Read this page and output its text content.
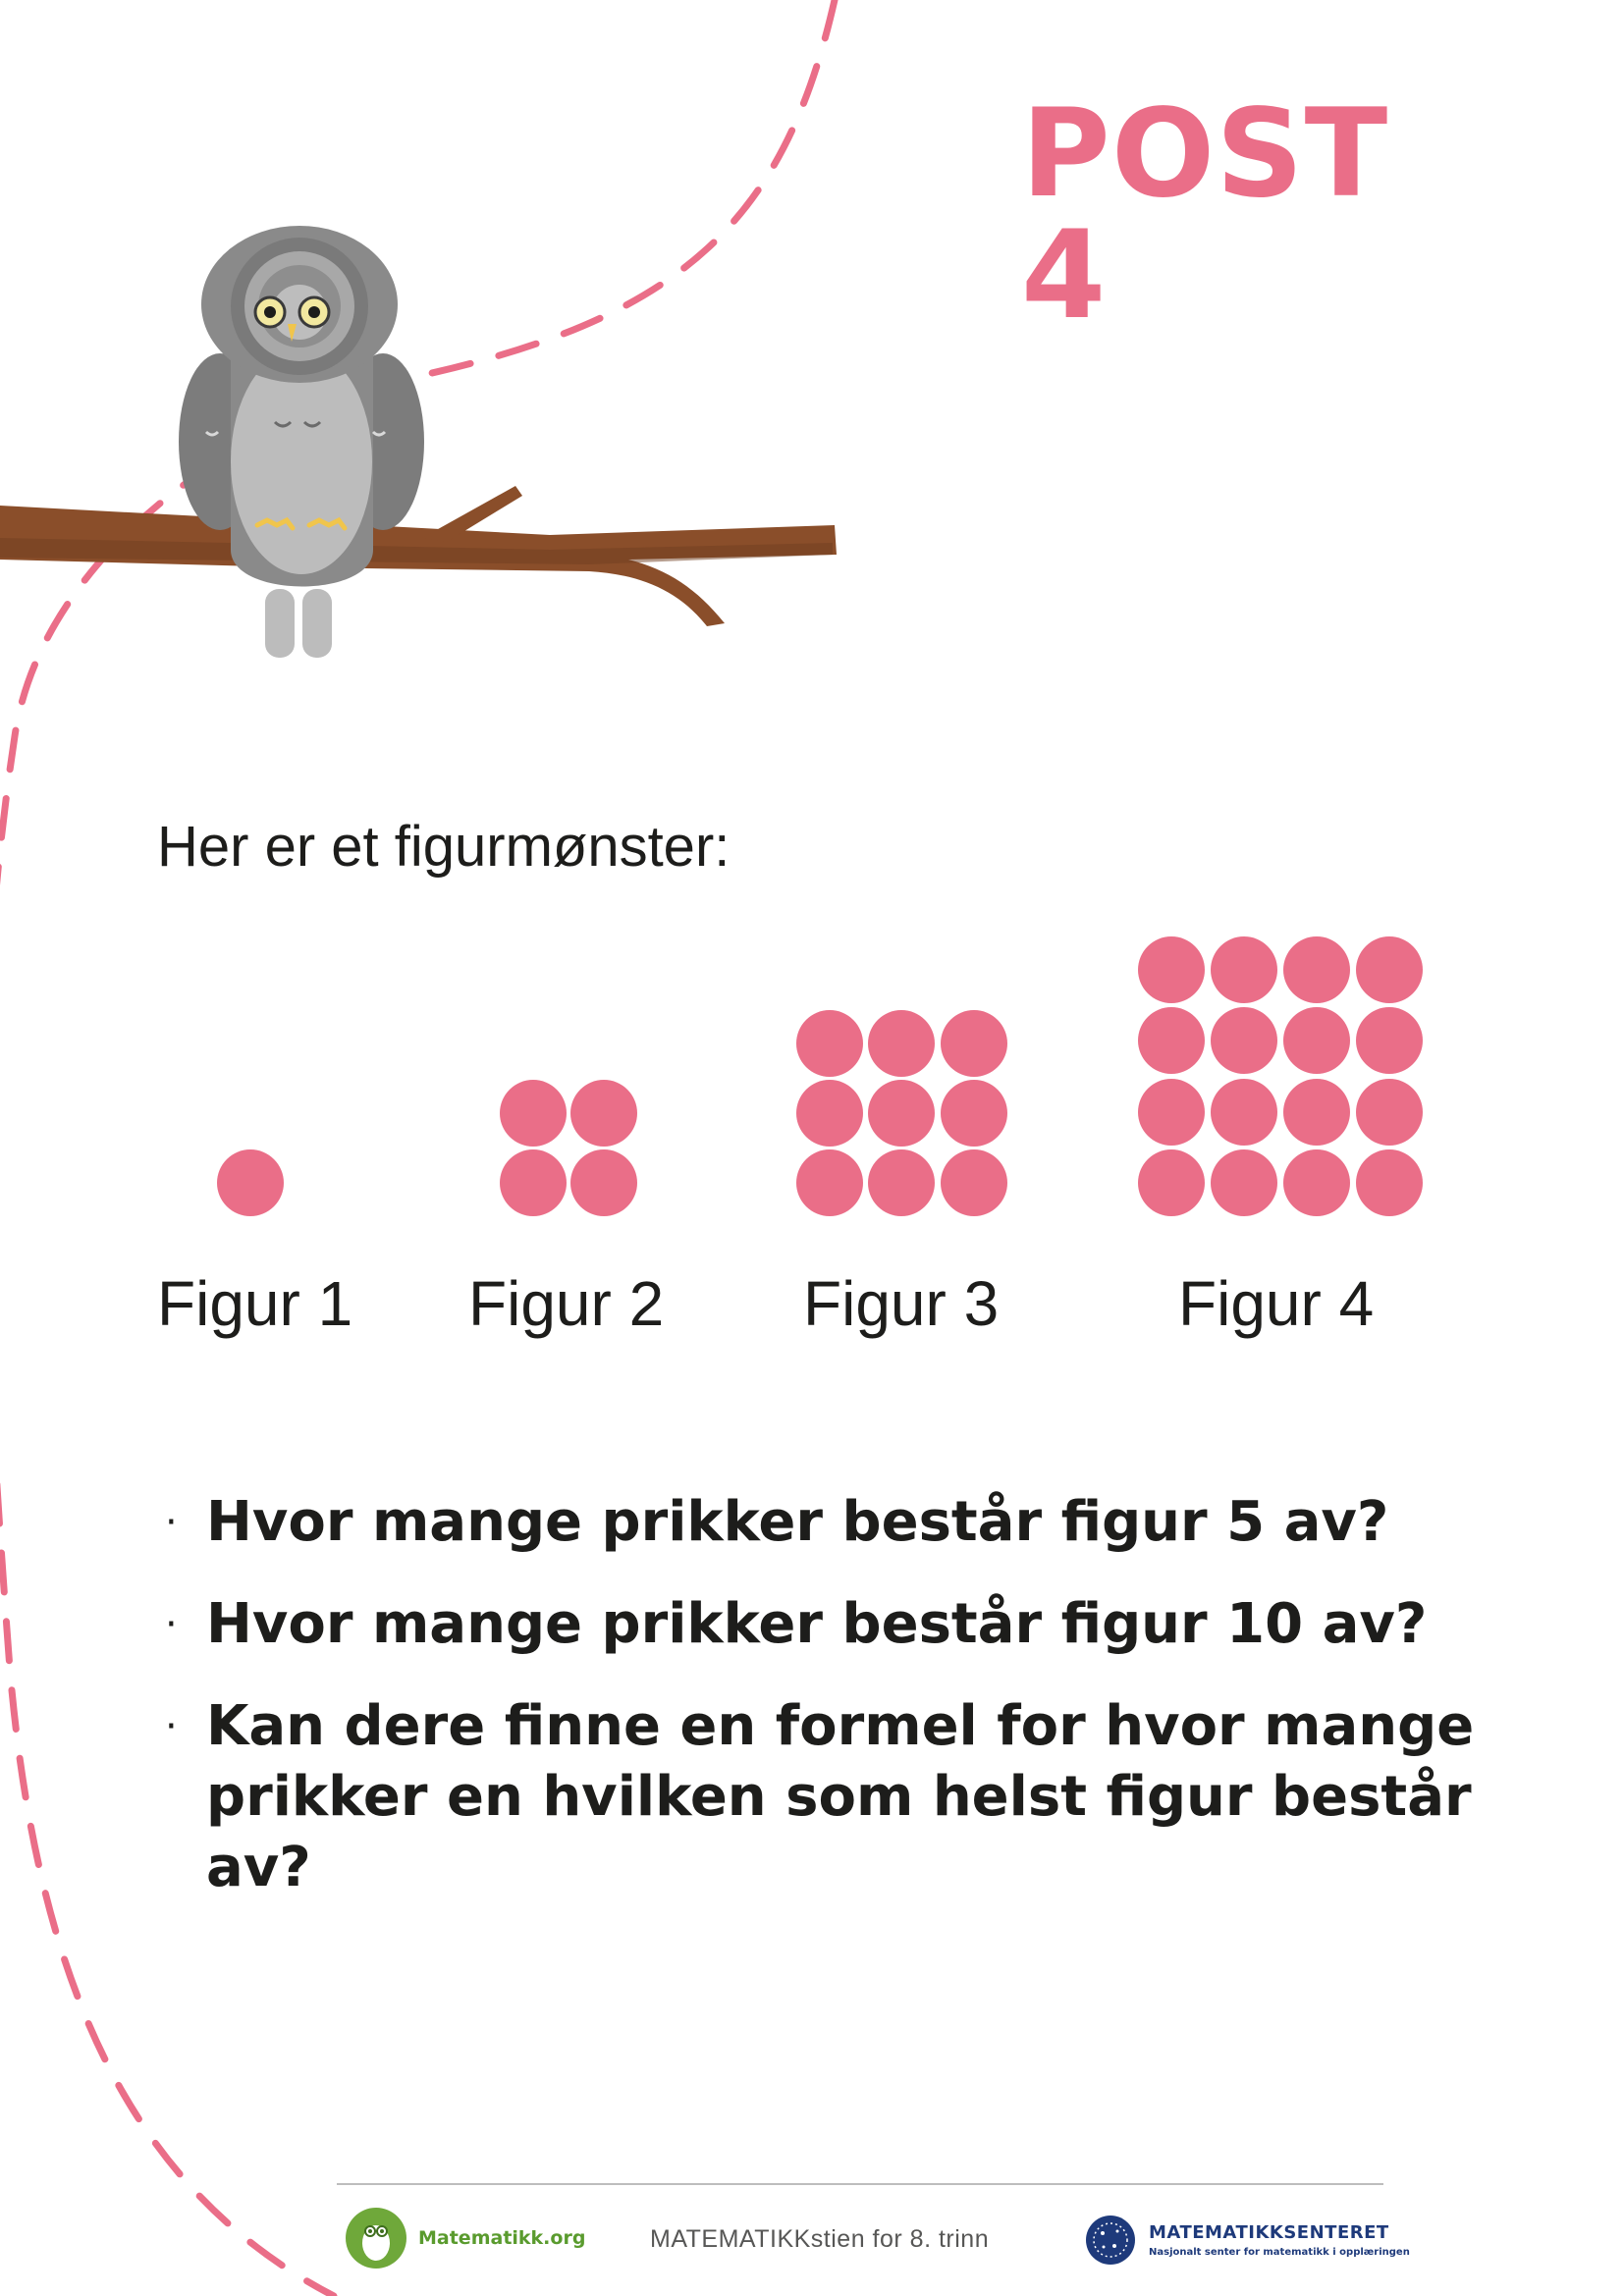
POST 4
Her er et figurmønster:
Figur 1 Figur 2 Figur 3	Figur 4
· Hvor mange prikker består figur 5 av?
· Hvor mange prikker består figur 10 av?
· Kan dere finne en formel for hvor mange
prikker en hvilken som helst figur består av?
Matematikk.org	MATEMATIKKstien for 8. trinn	MATEMATIKKSENTERET
Nasjonalt senter for matematikk i opplæringen
